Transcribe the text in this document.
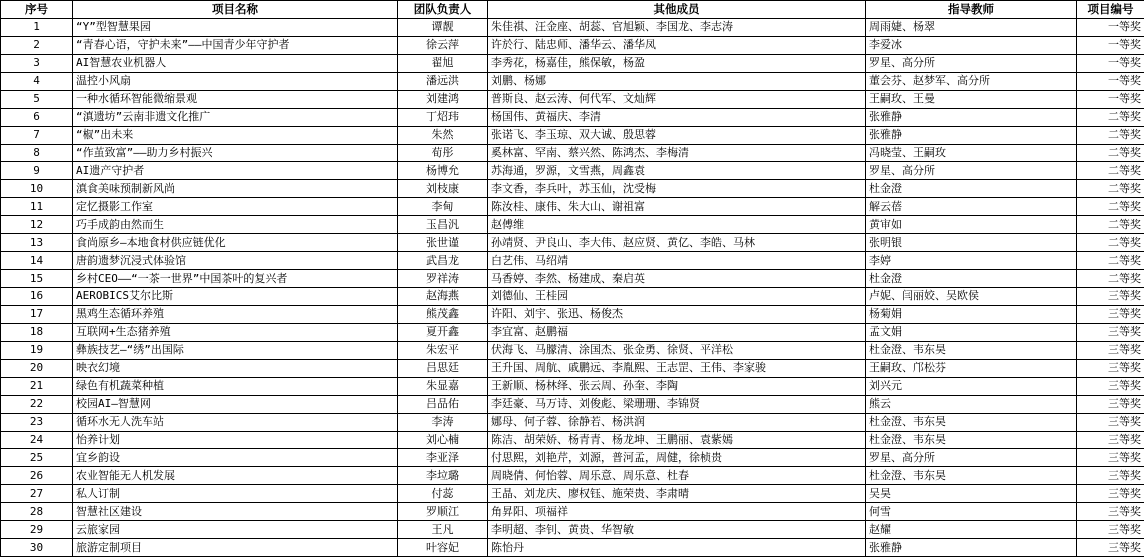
序号	项目名称	团队负责人	其他成员	指导教师	项目编号
1	“Y”型智慧果园	谭靓	朱佳祺、汪金座、胡蕊、官旭颖、李国龙、李志涛	周雨婕、杨翠	一等奖
2	“青春心语，守护未来”——中国青少年守护者	徐云萍	许於行、陆忠师、潘华云、潘华凤	李爱冰	一等奖
3	AI智慧农业机器人	翟旭	李秀花，杨嘉佳，熊保敏，杨盈	罗星、高分所	一等奖
4	温控小风扇	潘远洪	刘鹏、杨娜	董会芬、赵梦军、高分所	一等奖
5	一种水循环智能微缩景观	刘建鸿	普斯良、赵云涛、何代军、文灿辉	王嗣玫、王曼	一等奖
6	“滇遗坊”云南非遗文化推广	丁炤玮	杨国伟、黄福庆、李清	张雅静	二等奖
7	“椒”出未来	朱然	张诺飞、李玉琼、双大诚、殷思蓉	张雅静	二等奖
8	“作茧致富”——助力乡村振兴	荀彤	奚林富、罕南、蔡兴然、陈鸿杰、李梅清	冯晓莹、王嗣玫	二等奖
9	AI遗产守护者	杨博允	苏海通，罗源，文雪燕，周鑫袁	罗星、高分所	二等奖
10	滇食美味预制新风尚	刘枝康	李文香，李兵叶，苏玉仙，沈受梅	杜金澄	二等奖
11	定忆摄影工作室	李甸	陈汝桂、康伟、朱大山、谢祖富	解云蓓	二等奖
12	巧手成韵由然而生	玉昌汎	赵傅维	黄审如	二等奖
13	食尚原乡—本地食材供应链优化	张世谨	孙靖贤、尹良山、李大伟、赵应贤、黄亿、李皓、马林	张明银	二等奖
14	唐韵遗梦沉浸式体验馆	武昌龙	白艺伟、马绍靖	李婷	二等奖
15	乡村CEO——“一茶一世界”中国茶叶的复兴者	罗祥涛	马香婷、李然、杨建成、秦启英	杜金澄	二等奖
16	AEROBICS艾尔比斯	赵海燕	刘德仙、王桂园	卢妮、闫丽姣、吴欧侯	三等奖
17	黑鸡生态循环养殖	熊茂鑫	许阳、刘宇、张迅、杨俊杰	杨菊娟	三等奖
18	互联网+生态猪养殖	夏开鑫	李宜富、赵鹏福	孟文娟	三等奖
19	彝族技艺—“绣”出国际	朱宏平	伏海飞、马朦清、涂国杰、张金勇、徐贤、平洋松	杜金澄、韦东昊	三等奖
20	映衣幻境	吕思廷	王升国、周航、戚鹏远、李胤熙、王志罡、王伟、李家骏	王嗣玫、邝松芬	三等奖
21	绿色有机蔬菜种植	朱显嘉	王新顺、杨林绎、张云周、孙奎、李陶	刘兴元	三等奖
22	校园AI—智慧网	吕品佑	李廷豪、马万诗、刘俊彪、梁珊珊、李锦贤	熊云	三等奖
23	循环水无人洗车站	李涛	娜母、何子蓉、徐静若、杨洪润	杜金澄、韦东昊	三等奖
24	怡养计划	刘心楠	陈洁、胡荣娇、杨青青、杨龙坤、王鹏丽、袁紫嫣	杜金澄、韦东昊	三等奖
25	宜乡韵设	李亚泽	付思熙，刘艳芹，刘源，普河孟，周健，徐桢贵	罗星、高分所	三等奖
26	农业智能无人机发展	李垃璐	周晓倩、何怡蓉、周乐意、周乐意、杜春	杜金澄、韦东昊	三等奖
27	私人订制	付蕊	王晶、刘龙庆、廖权钰、施荣贵、李肃晴	吴昊	三等奖
28	智慧社区建设	罗顺江	角昇阳、项福祥	何雪	三等奖
29	云旅家园	王凡	李明超、李钊、黄贵、华智敏	赵耀	三等奖
30	旅游定制项目	叶容妃	陈怡丹	张雅静	三等奖
